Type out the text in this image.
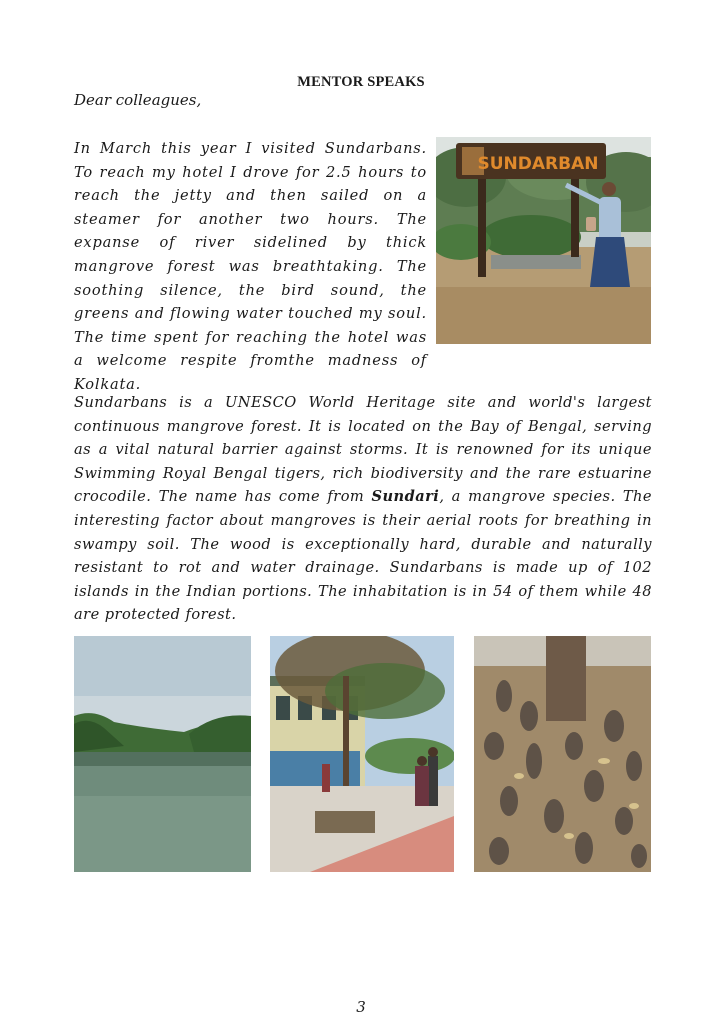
MENTOR SPEAKS
Dear colleagues,
In March this year I visited Sundarbans. To reach my hotel I drove for 2.5 hours to reach the jetty and then sailed on a steamer for another two hours. The expanse of river sidelined by thick mangrove forest was breathtaking. The soothing silence, the bird sound, the greens and flowing water touched my soul. The time spent for reaching the hotel was a welcome respite fromthe madness of Kolkata.
SUNDARBAN
Sundarbans is a UNESCO World Heritage site and world's largest continuous mangrove forest. It is located on the Bay of Bengal, serving as a vital natural barrier against storms. It is renowned for its unique Swimming Royal Bengal tigers, rich biodiversity and the rare estuarine crocodile. The name has come from Sundari, a mangrove species. The interesting factor about mangroves is their aerial roots for breathing in swampy soil. The wood is exceptionally hard, durable and naturally resistant to rot and water drainage. Sundarbans is made up of 102 islands in the Indian portions. The inhabitation is in 54 of them while 48 are protected forest.
3
